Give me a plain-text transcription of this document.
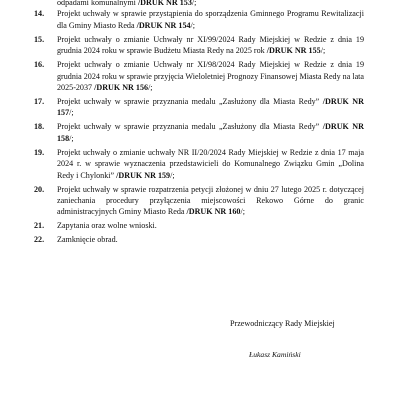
odpadami komunalnymi /DRUK NR 153/;
14. Projekt uchwały w sprawie przystąpienia do sporządzenia Gminnego Programu Rewitalizacji dla Gminy Miasto Reda /DRUK NR 154/;
15. Projekt uchwały o zmianie Uchwały nr XI/99/2024 Rady Miejskiej w Redzie z dnia 19 grudnia 2024 roku w sprawie Budżetu Miasta Redy na 2025 rok /DRUK NR 155/;
16. Projekt uchwały o zmianie Uchwały nr XI/98/2024 Rady Miejskiej w Redzie z dnia 19 grudnia 2024 roku w sprawie przyjęcia Wieloletniej Prognozy Finansowej Miasta Redy na lata 2025-2037 /DRUK NR 156/;
17. Projekt uchwały w sprawie przyznania medalu „Zasłużony dla Miasta Redy” /DRUK NR 157/;
18. Projekt uchwały w sprawie przyznania medalu „Zasłużony dla Miasta Redy” /DRUK NR 158/;
19. Projekt uchwały o zmianie uchwały NR II/20/2024 Rady Miejskiej w Redzie z dnia 17 maja 2024 r. w sprawie wyznaczenia przedstawicieli do Komunalnego Związku Gmin „Dolina Redy i Chylonki” /DRUK NR 159/;
20. Projekt uchwały w sprawie rozpatrzenia petycji złożonej w dniu 27 lutego 2025 r. dotyczącej zaniechania procedury przyłączenia miejscowości Rekowo Górne do granic administracyjnych Gminy Miasto Reda /DRUK NR 160/;
21. Zapytania oraz wolne wnioski.
22. Zamknięcie obrad.
Przewodniczący Rady Miejskiej
Łukasz Kamiński
